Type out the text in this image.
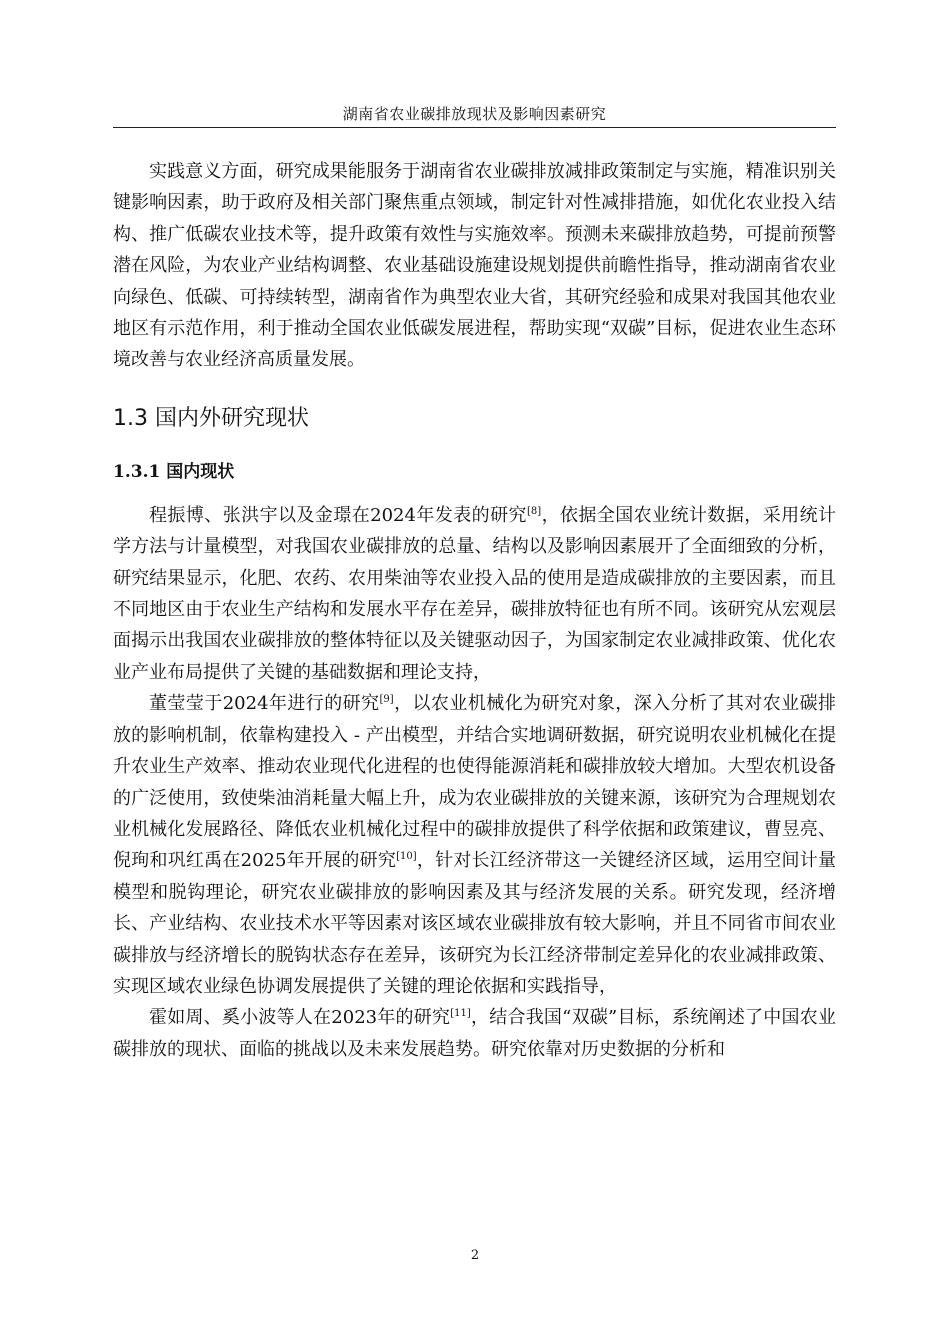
湖南省农业碳排放现状及影响因素研究

实践意义方面，研究成果能服务于湖南省农业碳排放减排政策制定与实施，精准识别关键影响因素，助于政府及相关部门聚焦重点领域，制定针对性减排措施，如优化农业投入结构、推广低碳农业技术等，提升政策有效性与实施效率。预测未来碳排放趋势，可提前预警潜在风险，为农业产业结构调整、农业基础设施建设规划提供前瞻性指导，推动湖南省农业向绿色、低碳、可持续转型，湖南省作为典型农业大省，其研究经验和成果对我国其他农业地区有示范作用，利于推动全国农业低碳发展进程，帮助实现“双碳”目标，促进农业生态环境改善与农业经济高质量发展。

1.3 国内外研究现状
1.3.1 国内现状

程振博、张洪宇以及金璟在2024年发表的研究[8]，依据全国农业统计数据，采用统计学方法与计量模型，对我国农业碳排放的总量、结构以及影响因素展开了全面细致的分析，研究结果显示，化肥、农药、农用柴油等农业投入品的使用是造成碳排放的主要因素，而且不同地区由于农业生产结构和发展水平存在差异，碳排放特征也有所不同。该研究从宏观层面揭示出我国农业碳排放的整体特征以及关键驱动因子，为国家制定农业减排政策、优化农业产业布局提供了关键的基础数据和理论支持，

董莹莹于2024年进行的研究[9]，以农业机械化为研究对象，深入分析了其对农业碳排放的影响机制，依靠构建投入 - 产出模型，并结合实地调研数据，研究说明农业机械化在提升农业生产效率、推动农业现代化进程的也使得能源消耗和碳排放较大增加。大型农机设备的广泛使用，致使柴油消耗量大幅上升，成为农业碳排放的关键来源，该研究为合理规划农业机械化发展路径、降低农业机械化过程中的碳排放提供了科学依据和政策建议，曹昱亮、倪珣和巩红禹在2025年开展的研究[10]，针对长江经济带这一关键经济区域，运用空间计量模型和脱钩理论，研究农业碳排放的影响因素及其与经济发展的关系。研究发现，经济增长、产业结构、农业技术水平等因素对该区域农业碳排放有较大影响，并且不同省市间农业碳排放与经济增长的脱钩状态存在差异，该研究为长江经济带制定差异化的农业减排政策、实现区域农业绿色协调发展提供了关键的理论依据和实践指导，

霍如周、奚小波等人在2023年的研究[11]，结合我国“双碳”目标，系统阐述了中国农业碳排放的现状、面临的挑战以及未来发展趋势。研究依靠对历史数据的分析和

2
